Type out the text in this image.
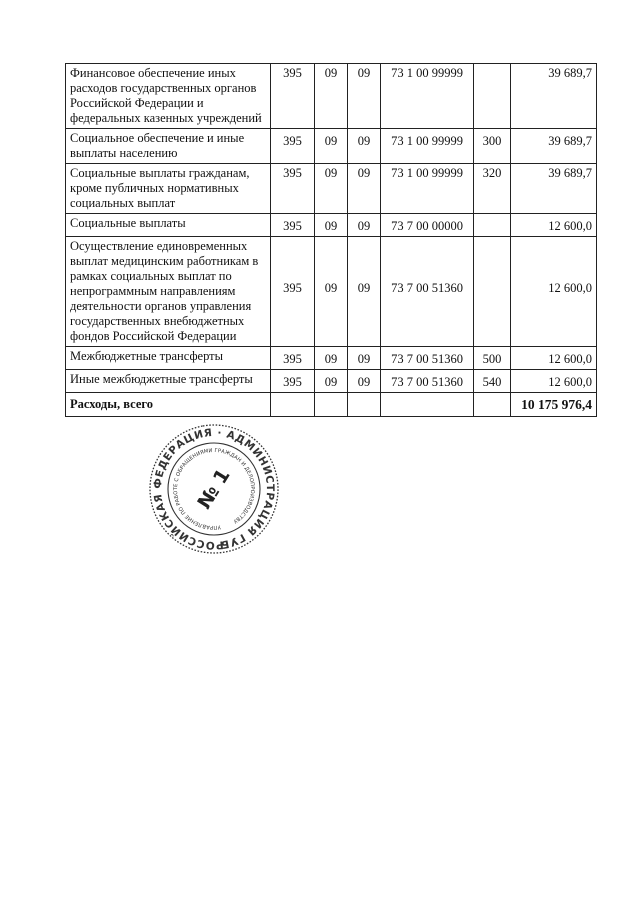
Финансовое обеспечение иных расходов государственных органов Российской Федерации и федеральных казенных учреждений	395	09	09	73 1 00 99999		39 689,7
Социальное обеспечение и иные выплаты населению	395	09	09	73 1 00 99999	300	39 689,7
Социальные выплаты гражданам, кроме публичных нормативных социальных выплат	395	09	09	73 1 00 99999	320	39 689,7
Социальные выплаты	395	09	09	73 7 00 00000		12 600,0
Осуществление единовременных выплат медицинским работникам в рамках социальных выплат по непрограммным направлениям деятельности органов управления государственных внебюджетных фондов Российской Федерации	395	09	09	73 7 00 51360		12 600,0
Межбюджетные трансферты	395	09	09	73 7 00 51360	500	12 600,0
Иные межбюджетные трансферты	395	09	09	73 7 00 51360	540	12 600,0
Расходы, всего						10 175 976,4
РОССИЙСКАЯ ФЕДЕРАЦИЯ · АДМИНИСТРАЦИЯ ГУБЕРНАТОРА
УПРАВЛЕНИЕ ПО РАБОТЕ С ОБРАЩЕНИЯМИ ГРАЖДАН И ДЕЛОПРОИЗВОДСТВУ
№ 1
